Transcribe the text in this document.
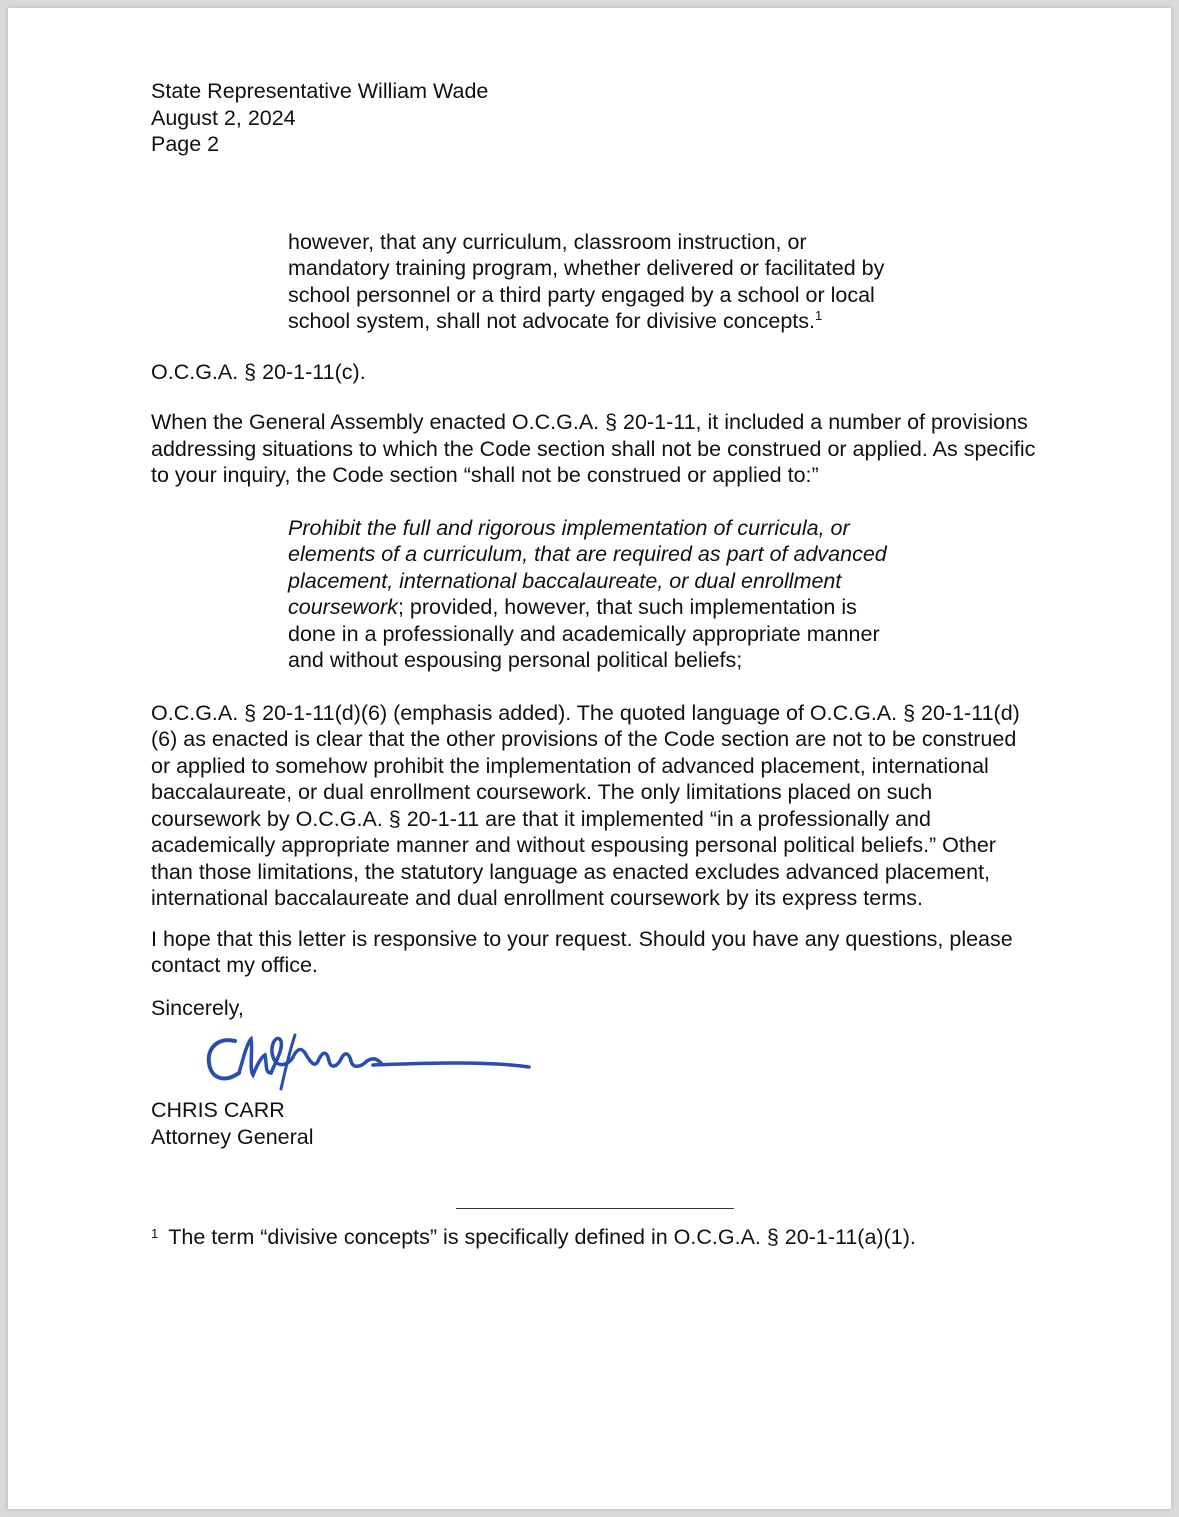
State Representative William Wade
August 2, 2024
Page 2
however, that any curriculum, classroom instruction, or mandatory training program, whether delivered or facilitated by school personnel or a third party engaged by a school or local school system, shall not advocate for divisive concepts.$^1$
O.C.G.A. § 20-1-11(c).
When the General Assembly enacted O.C.G.A. § 20-1-11, it included a number of provisions addressing situations to which the Code section shall not be construed or applied. As specific to your inquiry, the Code section “shall not be construed or applied to:”
Prohibit the full and rigorous implementation of curricula, or elements of a curriculum, that are required as part of advanced placement, international baccalaureate, or dual enrollment coursework; provided, however, that such implementation is done in a professionally and academically appropriate manner and without espousing personal political beliefs;
O.C.G.A. § 20-1-11(d)(6) (emphasis added). The quoted language of O.C.G.A. § 20-1-11(d)(6) as enacted is clear that the other provisions of the Code section are not to be construed or applied to somehow prohibit the implementation of advanced placement, international baccalaureate, or dual enrollment coursework. The only limitations placed on such coursework by O.C.G.A. § 20-1-11 are that it implemented “in a professionally and academically appropriate manner and without espousing personal political beliefs.” Other than those limitations, the statutory language as enacted excludes advanced placement, international baccalaureate and dual enrollment coursework by its express terms.
I hope that this letter is responsive to your request. Should you have any questions, please contact my office.
Sincerely,
CHRIS CARR
Attorney General
$^1$ The term “divisive concepts” is specifically defined in O.C.G.A. § 20-1-11(a)(1).
